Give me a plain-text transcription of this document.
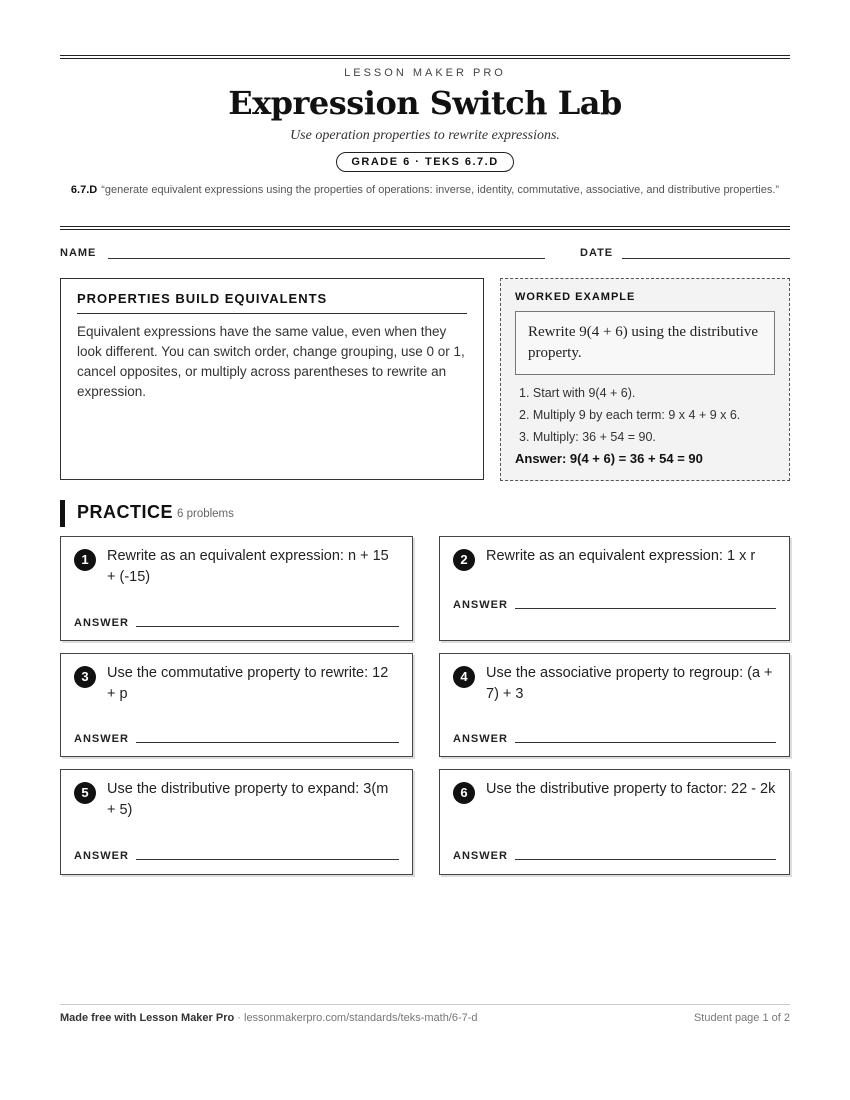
LESSON MAKER PRO
Expression Switch Lab
Use operation properties to rewrite expressions.
GRADE 6 · TEKS 6.7.D
6.7.D “generate equivalent expressions using the properties of operations: inverse, identity, commutative, associative, and distributive properties.”
NAME	DATE
PROPERTIES BUILD EQUIVALENTS

Equivalent expressions have the same value, even when they look different. You can switch order, change grouping, use 0 or 1, cancel opposites, or multiply across parentheses to rewrite an expression.

WORKED EXAMPLE
Rewrite 9(4 + 6) using the distributive property.
1. Start with 9(4 + 6).
2. Multiply 9 by each term: 9 x 4 + 9 x 6.
3. Multiply: 36 + 54 = 90.
Answer: 9(4 + 6) = 36 + 54 = 90
PRACTICE 6 problems
1	Rewrite as an equivalent expression: n + 15 + (-15)
ANSWER
2	Rewrite as an equivalent expression: 1 x r
ANSWER
3	Use the commutative property to rewrite: 12 + p
ANSWER
4	Use the associative property to regroup: (a + 7) + 3
ANSWER
5	Use the distributive property to expand: 3(m + 5)
ANSWER
6	Use the distributive property to factor: 22 - 2k
ANSWER
Made free with Lesson Maker Pro · lessonmakerpro.com/standards/teks-math/6-7-d	Student page 1 of 2
